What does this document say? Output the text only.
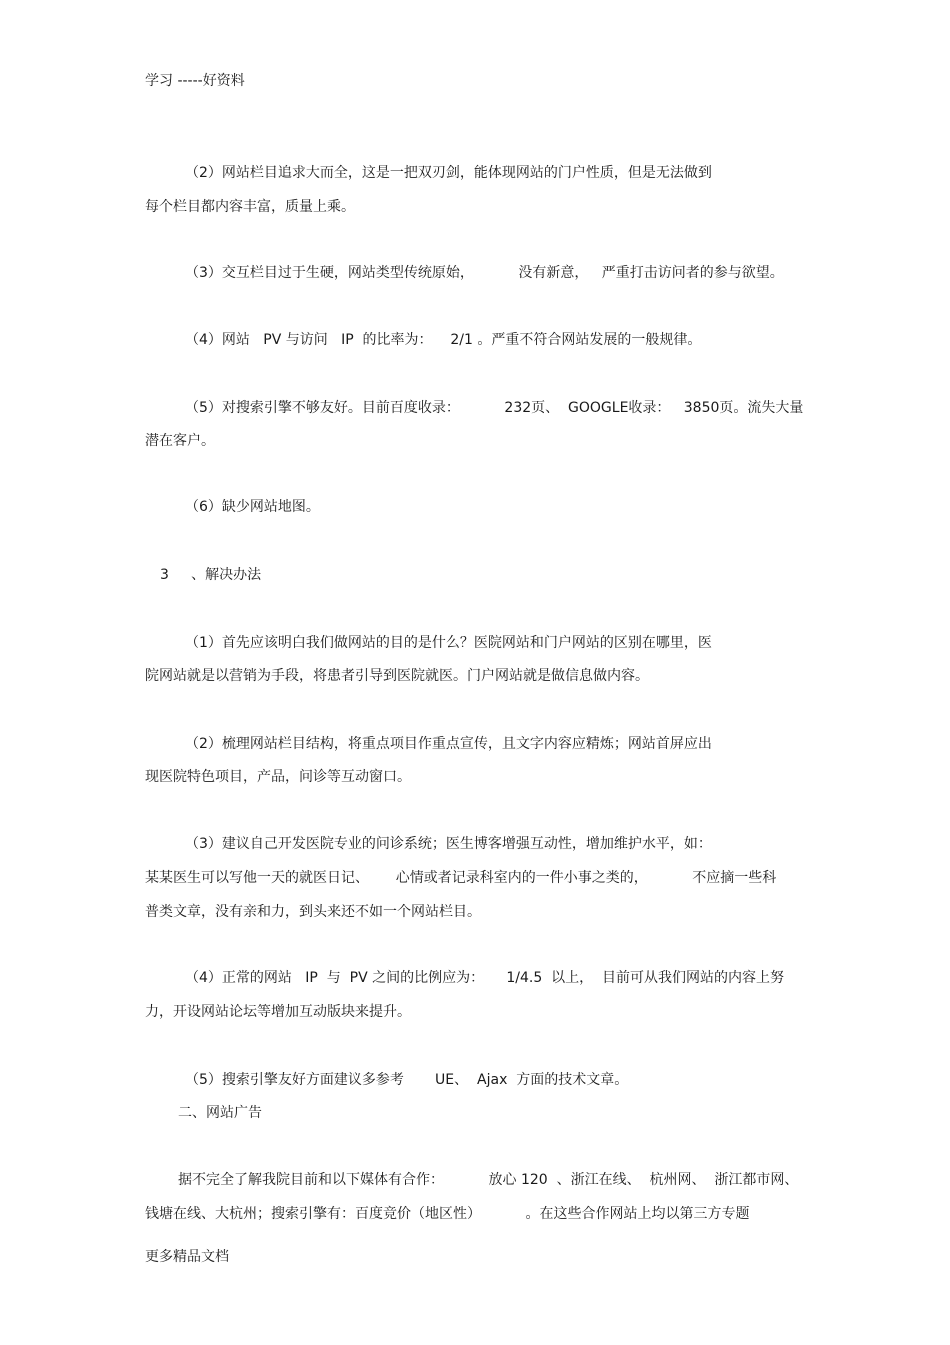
学习 -----好资料

（2）网站栏目追求大而全，这是一把双刃剑，能体现网站的门户性质，但是无法做到

每个栏目都内容丰富，质量上乘。

（3）交互栏目过于生硬，网站类型传统原始，          没有新意，   严重打击访问者的参与欲望。

（4）网站   PV 与访问   IP  的比率为：    2/1 。严重不符合网站发展的一般规律。

（5）对搜索引擎不够友好。目前百度收录：          232页、  GOOGLE收录：   3850页。流失大量

潜在客户。

（6）缺少网站地图。

3     、解决办法

（1）首先应该明白我们做网站的目的是什么？医院网站和门户网站的区别在哪里，医

院网站就是以营销为手段，将患者引导到医院就医。门户网站就是做信息做内容。

（2）梳理网站栏目结构，将重点项目作重点宣传，且文字内容应精炼；网站首屏应出

现医院特色项目，产品，问诊等互动窗口。

（3）建议自己开发医院专业的问诊系统；医生博客增强互动性，增加维护水平，如：

某某医生可以写他一天的就医日记、      心情或者记录科室内的一件小事之类的，          不应摘一些科

普类文章，没有亲和力，到头来还不如一个网站栏目。

（4）正常的网站   IP  与  PV 之间的比例应为：     1/4.5  以上，  目前可从我们网站的内容上努

力，开设网站论坛等增加互动版块来提升。

（5）搜索引擎友好方面建议多参考       UE、  Ajax  方面的技术文章。

二、网站广告

据不完全了解我院目前和以下媒体有合作：          放心 120  、浙江在线、  杭州网、  浙江都市网、

钱塘在线、大杭州；搜索引擎有：百度竞价（地区性）          。在这些合作网站上均以第三方专题

更多精品文档
